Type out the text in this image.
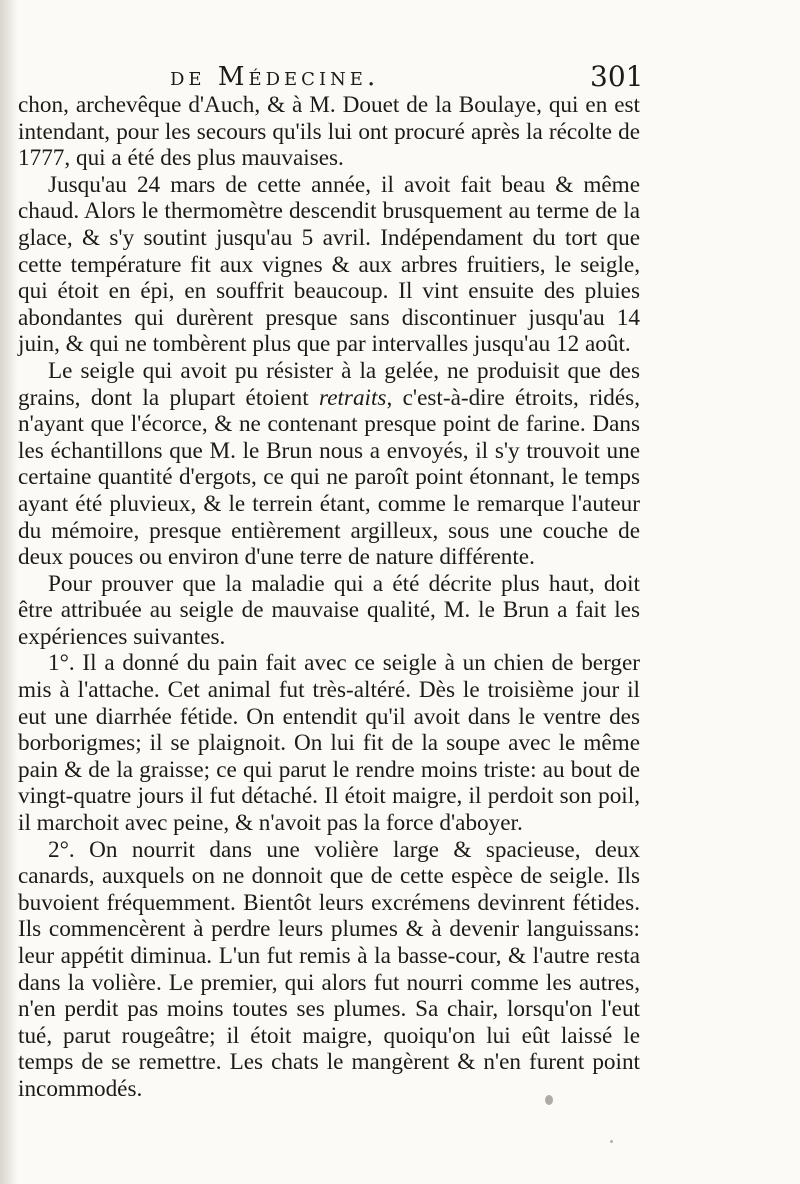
de Médecine.	301

chon, archevêque d'Auch, & à M. Douet de la Boulaye, qui en est intendant, pour les secours qu'ils lui ont procuré après la récolte de 1777, qui a été des plus mauvaises.

Jusqu'au 24 mars de cette année, il avoit fait beau & même chaud. Alors le thermomètre descendit brusquement au terme de la glace, & s'y soutint jusqu'au 5 avril. Indépendament du tort que cette température fit aux vignes & aux arbres fruitiers, le seigle, qui étoit en épi, en souffrit beaucoup. Il vint ensuite des pluies abondantes qui durèrent presque sans discontinuer jusqu'au 14 juin, & qui ne tombèrent plus que par intervalles jusqu'au 12 août.

Le seigle qui avoit pu résister à la gelée, ne produisit que des grains, dont la plupart étoient retraits, c'est-à-dire étroits, ridés, n'ayant que l'écorce, & ne contenant presque point de farine. Dans les échantillons que M. le Brun nous a envoyés, il s'y trouvoit une certaine quantité d'ergots, ce qui ne paroît point étonnant, le temps ayant été pluvieux, & le terrein étant, comme le remarque l'auteur du mémoire, presque entièrement argilleux, sous une couche de deux pouces ou environ d'une terre de nature différente.

Pour prouver que la maladie qui a été décrite plus haut, doit être attribuée au seigle de mauvaise qualité, M. le Brun a fait les expériences suivantes.

1°. Il a donné du pain fait avec ce seigle à un chien de berger mis à l'attache. Cet animal fut très-altéré. Dès le troisième jour il eut une diarrhée fétide. On entendit qu'il avoit dans le ventre des borborigmes; il se plaignoit. On lui fit de la soupe avec le même pain & de la graisse; ce qui parut le rendre moins triste: au bout de vingt-quatre jours il fut détaché. Il étoit maigre, il perdoit son poil, il marchoit avec peine, & n'avoit pas la force d'aboyer.

2°. On nourrit dans une volière large & spacieuse, deux canards, auxquels on ne donnoit que de cette espèce de seigle. Ils buvoient fréquemment. Bientôt leurs excrémens devinrent fétides. Ils commencèrent à perdre leurs plumes & à devenir languissans: leur appétit diminua. L'un fut remis à la basse-cour, & l'autre resta dans la volière. Le premier, qui alors fut nourri comme les autres, n'en perdit pas moins toutes ses plumes. Sa chair, lorsqu'on l'eut tué, parut rougeâtre; il étoit maigre, quoiqu'on lui eût laissé le temps de se remettre. Les chats le mangèrent & n'en furent point incommodés.
